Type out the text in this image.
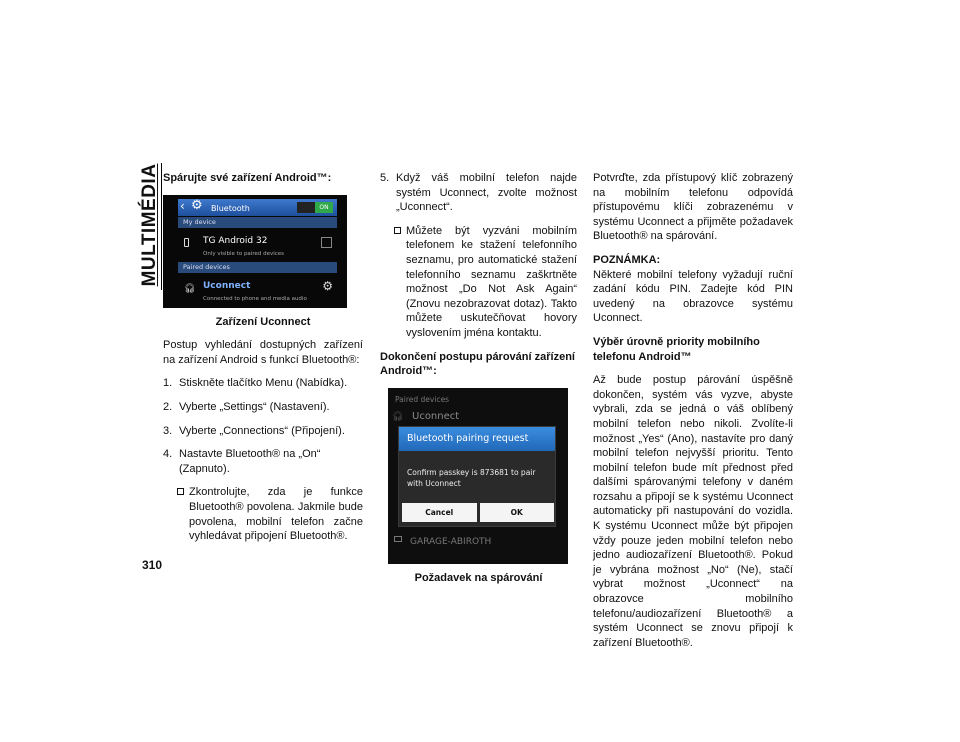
MULTIMÉDIA Spárujte své zařízení Android™:

‹ ⚙ Bluetooth	ON
My device
TG Android 32
Only visible to paired devices
Paired devices
🎧︎ Uconnect
Connected to phone and media audio
⚙

Zařízení Uconnect

Postup vyhledání dostupných zařízení na zařízení Android s funkcí Bluetooth®:

1. Stiskněte tlačítko Menu (Nabídka).
2. Vyberte „Settings“ (Nastavení).
3. Vyberte „Connections“ (Připojení).
4. Nastavte Bluetooth® na „On“ (Zapnuto).
Zkontrolujte, zda je funkce Bluetooth® povolena. Jakmile bude povolena, mobilní telefon začne vyhledávat připojení Bluetooth®.
5. Když váš mobilní telefon najde systém Uconnect, zvolte možnost „Uconnect“.
Můžete být vyzváni mobilním telefonem ke stažení telefonního seznamu, pro automatické stažení telefonního seznamu zaškrtněte možnost „Do Not Ask Again“ (Znovu nezobrazovat dotaz). Takto můžete uskutečňovat hovory vyslovením jména kontaktu.

Dokončení postupu párování zařízení Android™:

Paired devices
🎧︎ Uconnect
Bluetooth pairing request
Confirm passkey is 873681 to pair with Uconnect
Cancel	OK
GARAGE-ABIROTH

Požadavek na spárování

Potvrďte, zda přístupový klíč zobrazený na mobilním telefonu odpovídá přístupovému klíči zobrazenému v systému Uconnect a přijměte požadavek Bluetooth® na spárování.

POZNÁMKA:

Některé mobilní telefony vyžadují ruční zadání kódu PIN. Zadejte kód PIN uvedený na obrazovce systému Uconnect.

Výběr úrovně priority mobilního telefonu Android™

Až bude postup párování úspěšně dokončen, systém vás vyzve, abyste vybrali, zda se jedná o váš oblíbený mobilní telefon nebo nikoli. Zvolíte-li možnost „Yes“ (Ano), nastavíte pro daný mobilní telefon nejvyšší prioritu. Tento mobilní telefon bude mít přednost před dalšími spárovanými telefony v daném rozsahu a připojí se k systému Uconnect automaticky při nastupování do vozidla. K systému Uconnect může být připojen vždy pouze jeden mobilní telefon nebo jedno audiozařízení Bluetooth®. Pokud je vybrána možnost „No“ (Ne), stačí vybrat možnost „Uconnect“ na obrazovce mobilního telefonu/audiozařízení Bluetooth® a systém Uconnect se znovu připojí k zařízení Bluetooth®.

310
